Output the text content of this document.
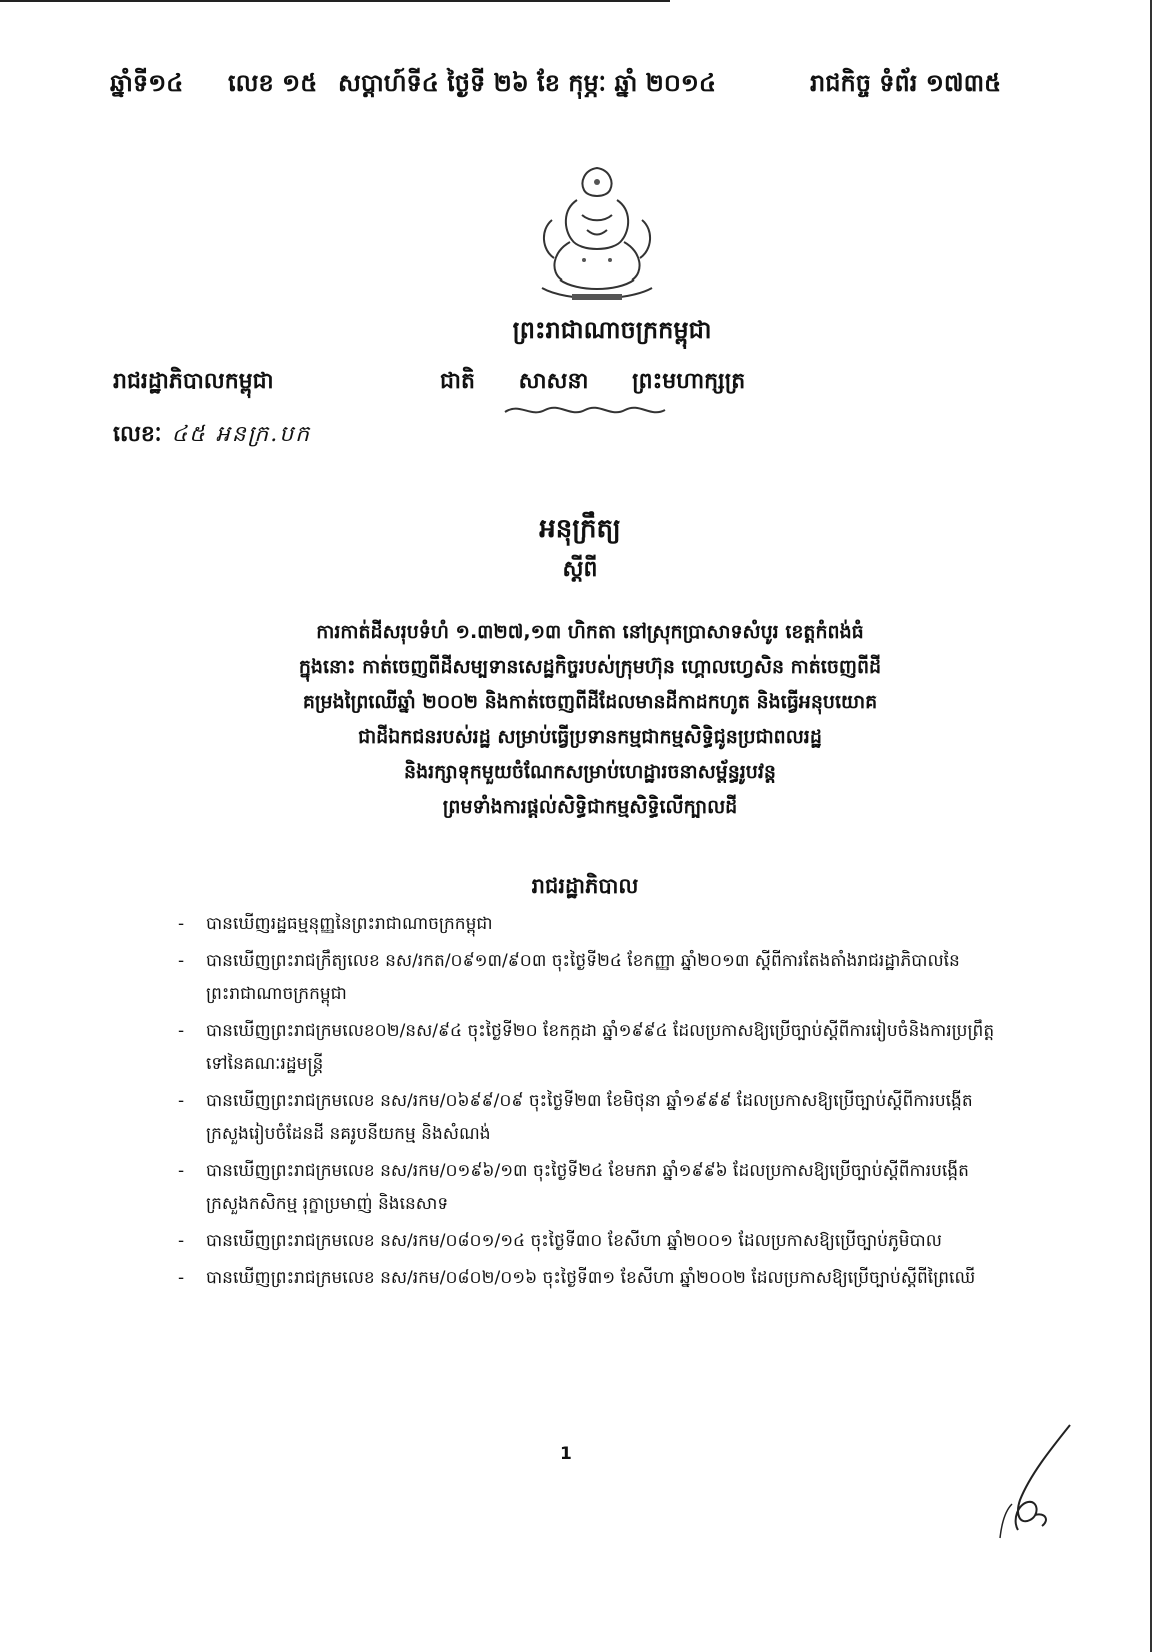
ឆ្នាំទី១៤ លេខ ១៥ សប្តាហ៍ទី៤ ថ្ងៃទី ២៦ ខែ កុម្ភៈ ឆ្នាំ ២០១៤	រាជកិច្ច ទំព័រ ១៧៣៥
ព្រះរាជាណាចក្រកម្ពុជា
រាជរដ្ឋាភិបាលកម្ពុជា	ជាតិ សាសនា ព្រះមហាក្សត្រ
លេខៈ ៤៥ អនក្រ.បក
អនុក្រឹត្យ
ស្តីពី
ការកាត់ដីសរុបទំហំ ១.៣២៧,១៣ ហិកតា នៅស្រុកប្រាសាទសំបូរ ខេត្តកំពង់ធំ
ក្នុងនោះ កាត់ចេញពីដីសម្បទានសេដ្ឋកិច្ចរបស់ក្រុមហ៊ុន ហ្គោលហ្វេសិន កាត់ចេញពីដី
គម្រងព្រៃឈើឆ្នាំ ២០០២ និងកាត់ចេញពីដីដែលមានដីកាដកហូត និងធ្វើអនុបយោគ
ជាដីឯកជនរបស់រដ្ឋ សម្រាប់ធ្វើប្រទានកម្មជាកម្មសិទ្ធិជូនប្រជាពលរដ្ឋ
និងរក្សាទុកមួយចំណែកសម្រាប់ហេដ្ឋារចនាសម្ព័ន្ធរូបវន្ត
ព្រមទាំងការផ្តល់សិទ្ធិជាកម្មសិទ្ធិលើក្បាលដី
រាជរដ្ឋាភិបាល
- បានឃើញរដ្ឋធម្មនុញ្ញនៃព្រះរាជាណាចក្រកម្ពុជា
- បានឃើញព្រះរាជក្រឹត្យលេខ នស/រកត/០៩១៣/៩០៣ ចុះថ្ងៃទី២៤ ខែកញ្ញា ឆ្នាំ២០១៣ ស្តីពីការតែងតាំងរាជរដ្ឋាភិបាលនៃព្រះរាជាណាចក្រកម្ពុជា
- បានឃើញព្រះរាជក្រមលេខ០២/នស/៩៤ ចុះថ្ងៃទី២០ ខែកក្កដា ឆ្នាំ១៩៩៤ ដែលប្រកាសឱ្យប្រើច្បាប់ស្តីពីការរៀបចំនិងការប្រព្រឹត្តទៅនៃគណៈរដ្ឋមន្ត្រី
- បានឃើញព្រះរាជក្រមលេខ នស/រកម/០៦៩៩/០៩ ចុះថ្ងៃទី២៣ ខែមិថុនា ឆ្នាំ១៩៩៩ ដែលប្រកាសឱ្យប្រើច្បាប់ស្តីពីការបង្កើតក្រសួងរៀបចំដែនដី នគរូបនីយកម្ម និងសំណង់
- បានឃើញព្រះរាជក្រមលេខ នស/រកម/០១៩៦/១៣ ចុះថ្ងៃទី២៤ ខែមករា ឆ្នាំ១៩៩៦ ដែលប្រកាសឱ្យប្រើច្បាប់ស្តីពីការបង្កើតក្រសួងកសិកម្ម រុក្ខាប្រមាញ់ និងនេសាទ
- បានឃើញព្រះរាជក្រមលេខ នស/រកម/០៨០១/១៤ ចុះថ្ងៃទី៣០ ខែសីហា ឆ្នាំ២០០១ ដែលប្រកាសឱ្យប្រើច្បាប់ភូមិបាល
- បានឃើញព្រះរាជក្រមលេខ នស/រកម/០៨០២/០១៦ ចុះថ្ងៃទី៣១ ខែសីហា ឆ្នាំ២០០២ ដែលប្រកាសឱ្យប្រើច្បាប់ស្តីពីព្រៃឈើ
1
